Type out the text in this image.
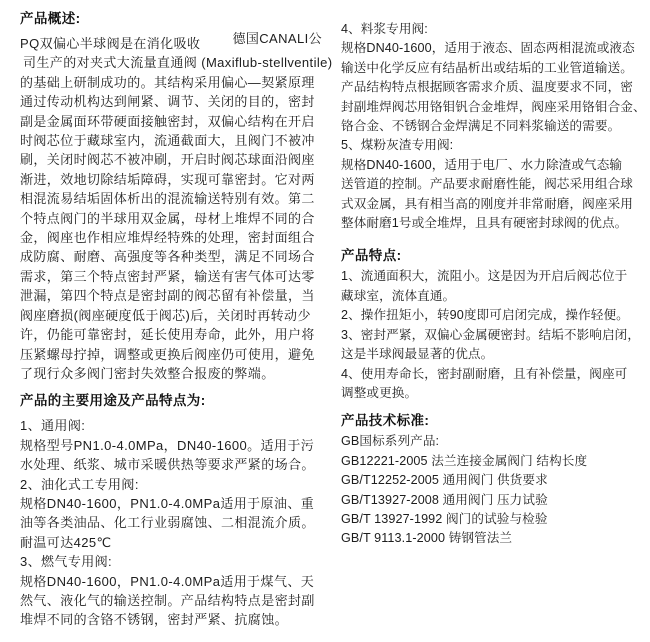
产品概述:
PQ双偏心半球阀是在消化吸收 德国CANALI公
司生产的对夹式大流量直通阀 (Maxiflub-stellventile)
的基础上研制成功的。其结构采用偏心—契紧原理
通过传动机构达到闸紧、调节、关闭的目的，密封
副是金属面环带硬面接触密封，双偏心结构在开启
时阀芯位于藏球室内，流通截面大，且阀门不被冲
刷，关闭时阀芯不被冲刷，开启时阀芯球面沿阀座
渐进，效地切除结垢障碍，实现可靠密封。它对两
相混流易结垢固体析出的混流输送特别有效。第二
个特点阀门的半球用双金属，母材上堆焊不同的合
金，阀座也作相应堆焊经特殊的处理，密封面组合
成防腐、耐磨、高强度等各种类型，满足不同场合
需求，第三个特点密封严紧，输送有害气体可达零
泄漏，第四个特点是密封副的阀芯留有补偿量，当
阀座磨损(阀座硬度低于阀芯)后，关闭时再转动少
许，仍能可靠密封，延长使用寿命，此外，用户将
压紧螺母拧掉，调整或更换后阀座仍可使用，避免
了现行众多阀门密封失效整合报废的弊端。
产品的主要用途及产品特点为:
1、通用阀:
规格型号PN1.0-4.0MPa，DN40-1600。适用于污
水处理、纸浆、城市采暖供热等要求严紧的场合。
2、油化式工专用阀:
规格DN40-1600，PN1.0-4.0MPa适用于原油、重
油等各类油品、化工行业弱腐蚀、二相混流介质。
耐温可达425℃
3、燃气专用阀:
规格DN40-1600，PN1.0-4.0MPa适用于煤气、天
然气、液化气的输送控制。产品结构特点是密封副
堆焊不同的含铬不锈钢，密封严紧、抗腐蚀。
4、料浆专用阀:
规格DN40-1600，适用于液态、固态两相混流或液态
输送中化学反应有结晶析出或结垢的工业管道输送。
产品结构特点根据顾客需求介质、温度要求不同，密
封副堆焊阀芯用铬钼钒合金堆焊，阀座采用铬钼合金、
铬合金、不锈钢合金焊满足不同料浆输送的需要。
5、煤粉灰渣专用阀:
规格DN40-1600，适用于电厂、水力除渣或气态输
送管道的控制。产品要求耐磨性能，阀芯采用组合球
式双金属，具有相当高的刚度并非常耐磨，阀座采用
整体耐磨1号或全堆焊，且具有硬密封球阀的优点。
产品特点:
1、流通面积大，流阻小。这是因为开启后阀芯位于
藏球室，流体直通。
2、操作扭矩小，转90度即可启闭完成，操作轻便。
3、密封严紧，双偏心金属硬密封。结垢不影响启闭，
这是半球阀最显著的优点。
4、使用寿命长，密封副耐磨，且有补偿量，阀座可
调整或更换。
产品技术标准:
GB国标系列产品:
GB12221-2005 法兰连接金属阀门 结构长度
GB/T12252-2005 通用阀门 供货要求
GB/T13927-2008 通用阀门 压力试验
GB/T 13927-1992 阀门的试验与检验
GB/T 9113.1-2000 铸钢管法兰
